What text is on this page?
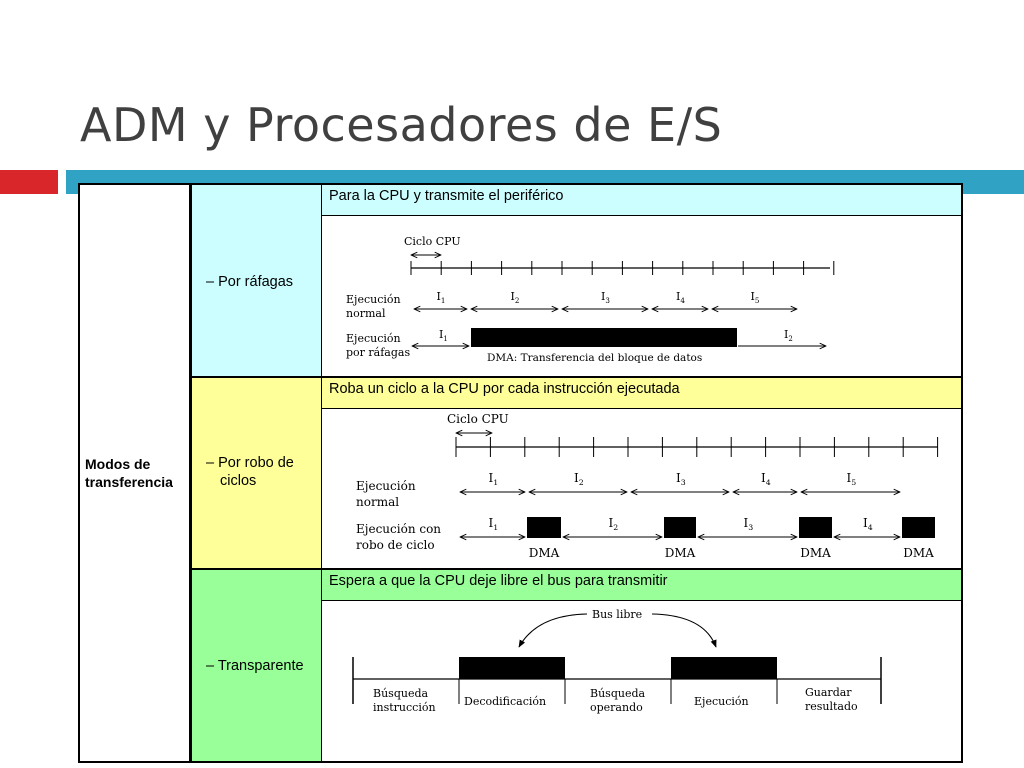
ADM y Procesadores de E/S
Modos de
transferencia
– Por ráfagas
Para la CPU y transmite el periférico
Ciclo CPU
Ejecución
normal
$I_1$	$I_2$	$I_3$	$I_4$	$I_5$
Ejecución
por ráfagas
$I_1$	$I_2$
DMA: Transferencia del bloque de datos
– Por robo de
ciclos
Roba un ciclo a la CPU por cada instrucción ejecutada
Ciclo CPU
Ejecución
normal
$I_1$	$I_2$	$I_3$	$I_4$	$I_5$
Ejecución con
robo de ciclo
$I_1$	$I_2$	$I_3$	$I_4$
DMA	DMA	DMA	DMA
– Transparente
Espera a que la CPU deje libre el bus para transmitir
Bus libre
Búsqueda
instrucción	Decodificación
Búsqueda
operando	Ejecución
Guardar
resultado
